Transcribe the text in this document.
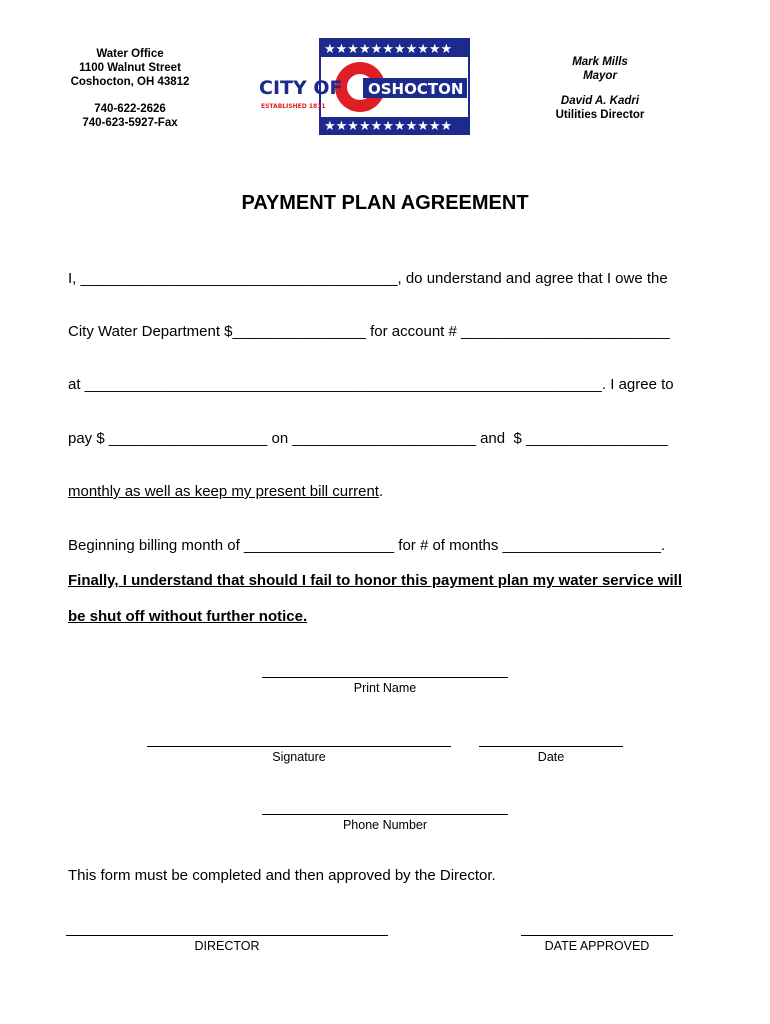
Water Office
1100 Walnut Street
Coshocton, OH 43812
740-622-2626
740-623-5927-Fax
★★★★★★★★★★★
★★★★★★★★★★★
CITY OF OSHOCTON
ESTABLISHED 1811
Mark Mills
Mayor
David A. Kadri
Utilities Director
PAYMENT PLAN AGREEMENT
I, ______________________________________, do understand and agree that I owe the
City Water Department $________________ for account # _________________________
at ______________________________________________________________. I agree to
pay $ ___________________ on ______________________ and  $ _________________
monthly as well as keep my present bill current.
Beginning billing month of __________________ for # of months ___________________.
Finally, I understand that should I fail to honor this payment plan my water service will
be shut off without further notice.
Print Name
Signature	Date
Phone Number
This form must be completed and then approved by the Director.
DIRECTOR	DATE APPROVED
